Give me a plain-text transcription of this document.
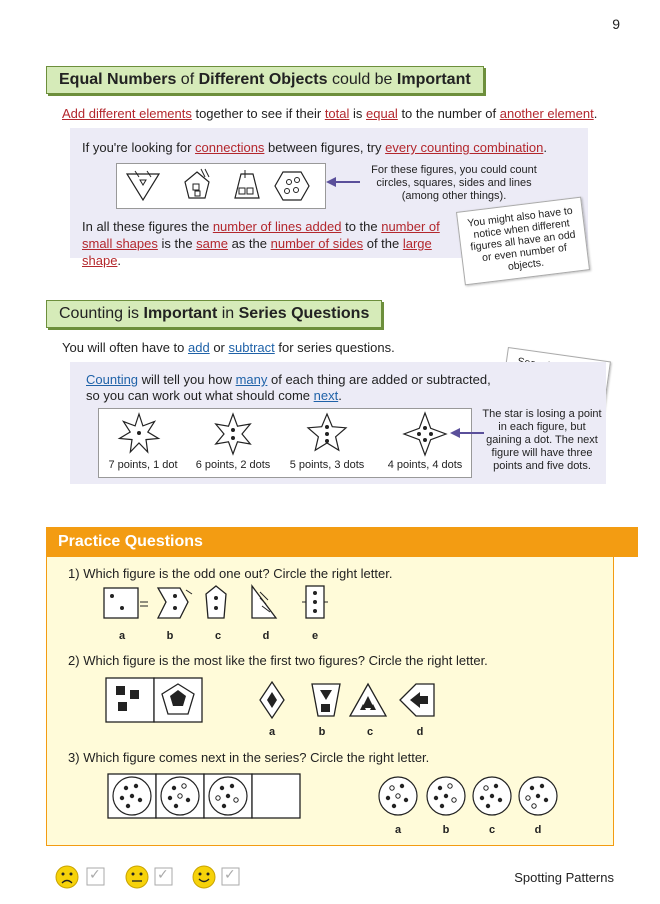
9
Equal Numbers of Different Objects could be Important
Add different elements together to see if their total is equal to the number of another element.
If you're looking for connections between figures, try every counting combination.
For these figures, you could count circles, squares, sides and lines (among other things).
In all these figures the number of lines added to the number of
small shapes is the same as the number of sides of the large shape.
You might also have to notice when different figures all have an odd or even number of objects.
Counting is Important in Series Questions
You will often have to add or subtract for series questions.
Counting will tell you how many of each thing are added or subtracted,
so you can work out what should come next.
7 points, 1 dot	6 points, 2 dots 5 points, 3 dots 4 points, 4 dots
The star is losing a point in each figure, but gaining a dot. The next figure will have three points and five dots.
Practice Questions
1) Which figure is the odd one out? Circle the right letter.
a	b	c	d	e
2) Which figure is the most like the first two figures? Circle the right letter.
a	b	c	d
3) Which figure comes next in the series? Circle the right letter.
a	b	c	d
✓	✓	✓	Spotting Patterns
